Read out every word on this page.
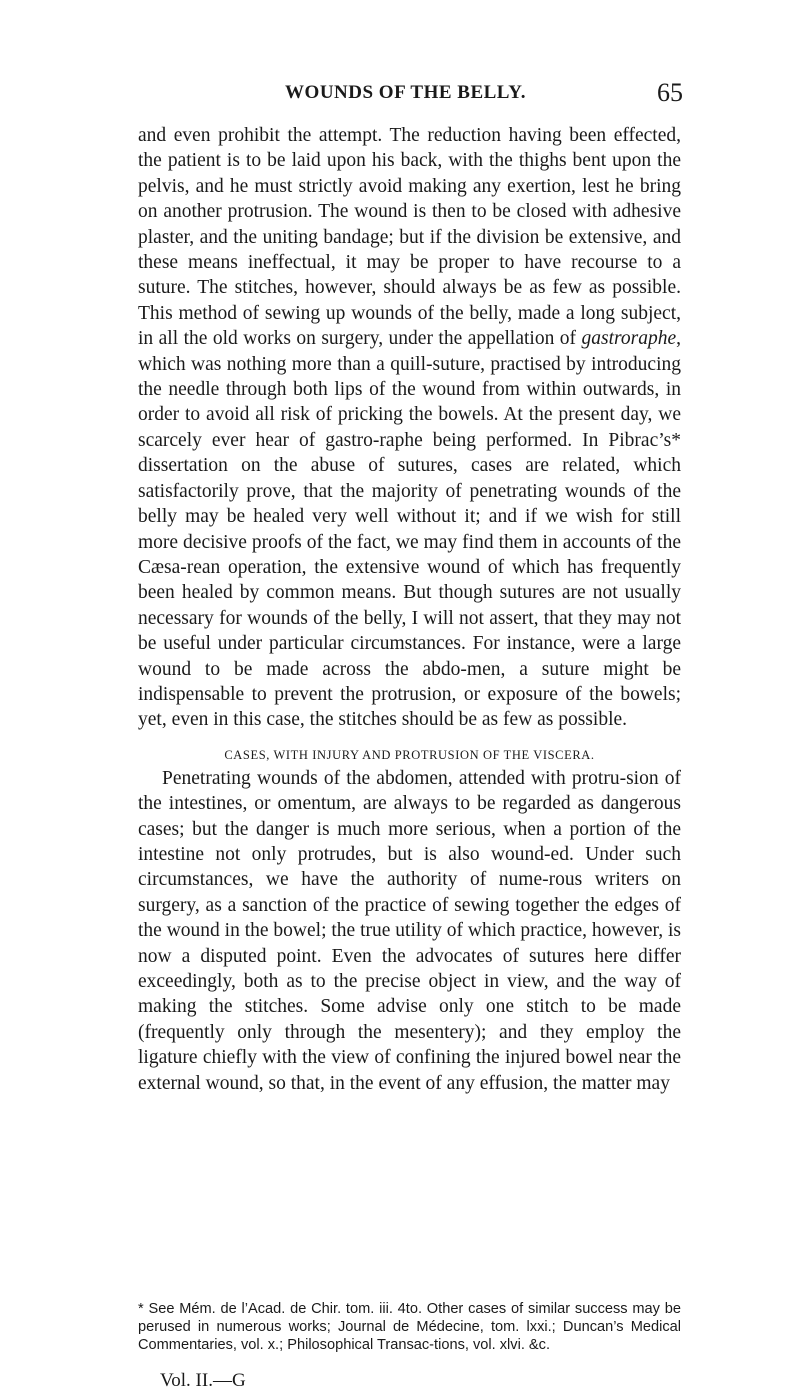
WOUNDS OF THE BELLY.	65

and even prohibit the attempt. The reduction having been effected, the patient is to be laid upon his back, with the thighs bent upon the pelvis, and he must strictly avoid making any exertion, lest he bring on another protrusion. The wound is then to be closed with adhesive plaster, and the uniting bandage; but if the division be extensive, and these means ineffectual, it may be proper to have recourse to a suture. The stitches, however, should always be as few as possible. This method of sewing up wounds of the belly, made a long subject, in all the old works on surgery, under the appellation of gastroraphe, which was nothing more than a quill-suture, practised by introducing the needle through both lips of the wound from within outwards, in order to avoid all risk of pricking the bowels. At the present day, we scarcely ever hear of gastro-raphe being performed. In Pibrac’s* dissertation on the abuse of sutures, cases are related, which satisfactorily prove, that the majority of penetrating wounds of the belly may be healed very well without it; and if we wish for still more decisive proofs of the fact, we may find them in accounts of the Cæsa-rean operation, the extensive wound of which has frequently been healed by common means. But though sutures are not usually necessary for wounds of the belly, I will not assert, that they may not be useful under particular circumstances. For instance, were a large wound to be made across the abdo-men, a suture might be indispensable to prevent the protrusion, or exposure of the bowels; yet, even in this case, the stitches should be as few as possible.

CASES, WITH INJURY AND PROTRUSION OF THE VISCERA.

Penetrating wounds of the abdomen, attended with protru-sion of the intestines, or omentum, are always to be regarded as dangerous cases; but the danger is much more serious, when a portion of the intestine not only protrudes, but is also wound-ed. Under such circumstances, we have the authority of nume-rous writers on surgery, as a sanction of the practice of sewing together the edges of the wound in the bowel; the true utility of which practice, however, is now a disputed point. Even the advocates of sutures here differ exceedingly, both as to the precise object in view, and the way of making the stitches. Some advise only one stitch to be made (frequently only through the mesentery); and they employ the ligature chiefly with the view of confining the injured bowel near the external wound, so that, in the event of any effusion, the matter may

* See Mém. de l’Acad. de Chir. tom. iii. 4to. Other cases of similar success may be perused in numerous works; Journal de Médecine, tom. lxxi.; Duncan’s Medical Commentaries, vol. x.; Philosophical Transac-tions, vol. xlvi. &c.
Vol. II.—G
